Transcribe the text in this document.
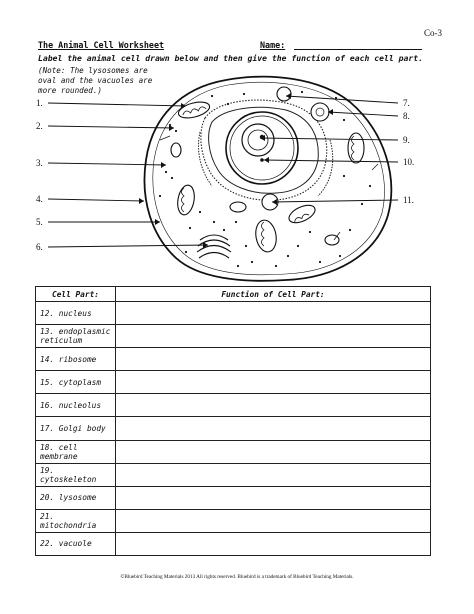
Co-3
The Animal Cell Worksheet	Name:
Label the animal cell drawn below and then give the function of each cell part.
(Note: The lysosomes are oval and the vacuoles are more rounded.)
1.
2.
3.
4.
5.
6.
7.
8.
9.
10.
11.
Cell Part:	Function of Cell Part:
12. nucleus	
13. endoplasmic reticulum	
14. ribosome	
15. cytoplasm	
16. nucleolus	
17. Golgi body	
18. cell membrane	
19. cytoskeleton	
20. lysosome	
21. mitochondria	
22. vacuole	
©Bluebird Teaching Materials 2013 All rights reserved. Bluebird is a trademark of Bluebird Teaching Materials.
